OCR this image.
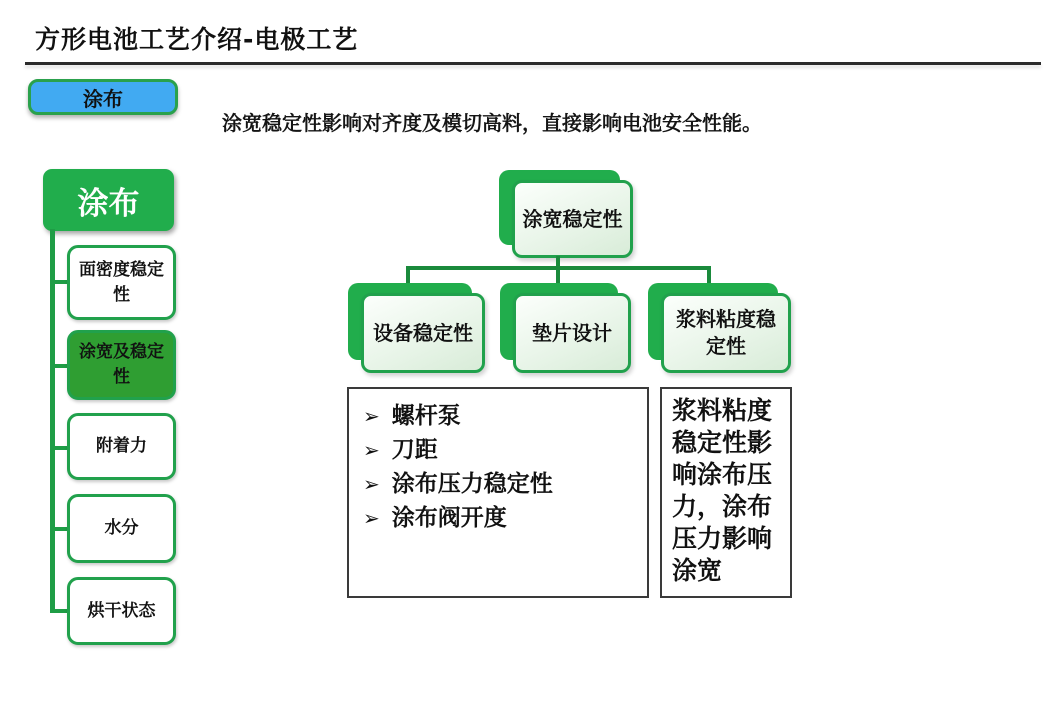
方形电池工艺介绍-电极工艺
涂布
涂宽稳定性影响对齐度及模切高料，直接影响电池安全性能。
涂布
面密度稳定性
涂宽及稳定性
附着力
水分
烘干状态
涂宽稳定性
设备稳定性	垫片设计
浆料粘度稳定性
➢ 螺杆泵
➢ 刀距
➢ 涂布压力稳定性
➢ 涂布阀开度
浆料粘度稳定性影响涂布压力，涂布压力影响涂宽
